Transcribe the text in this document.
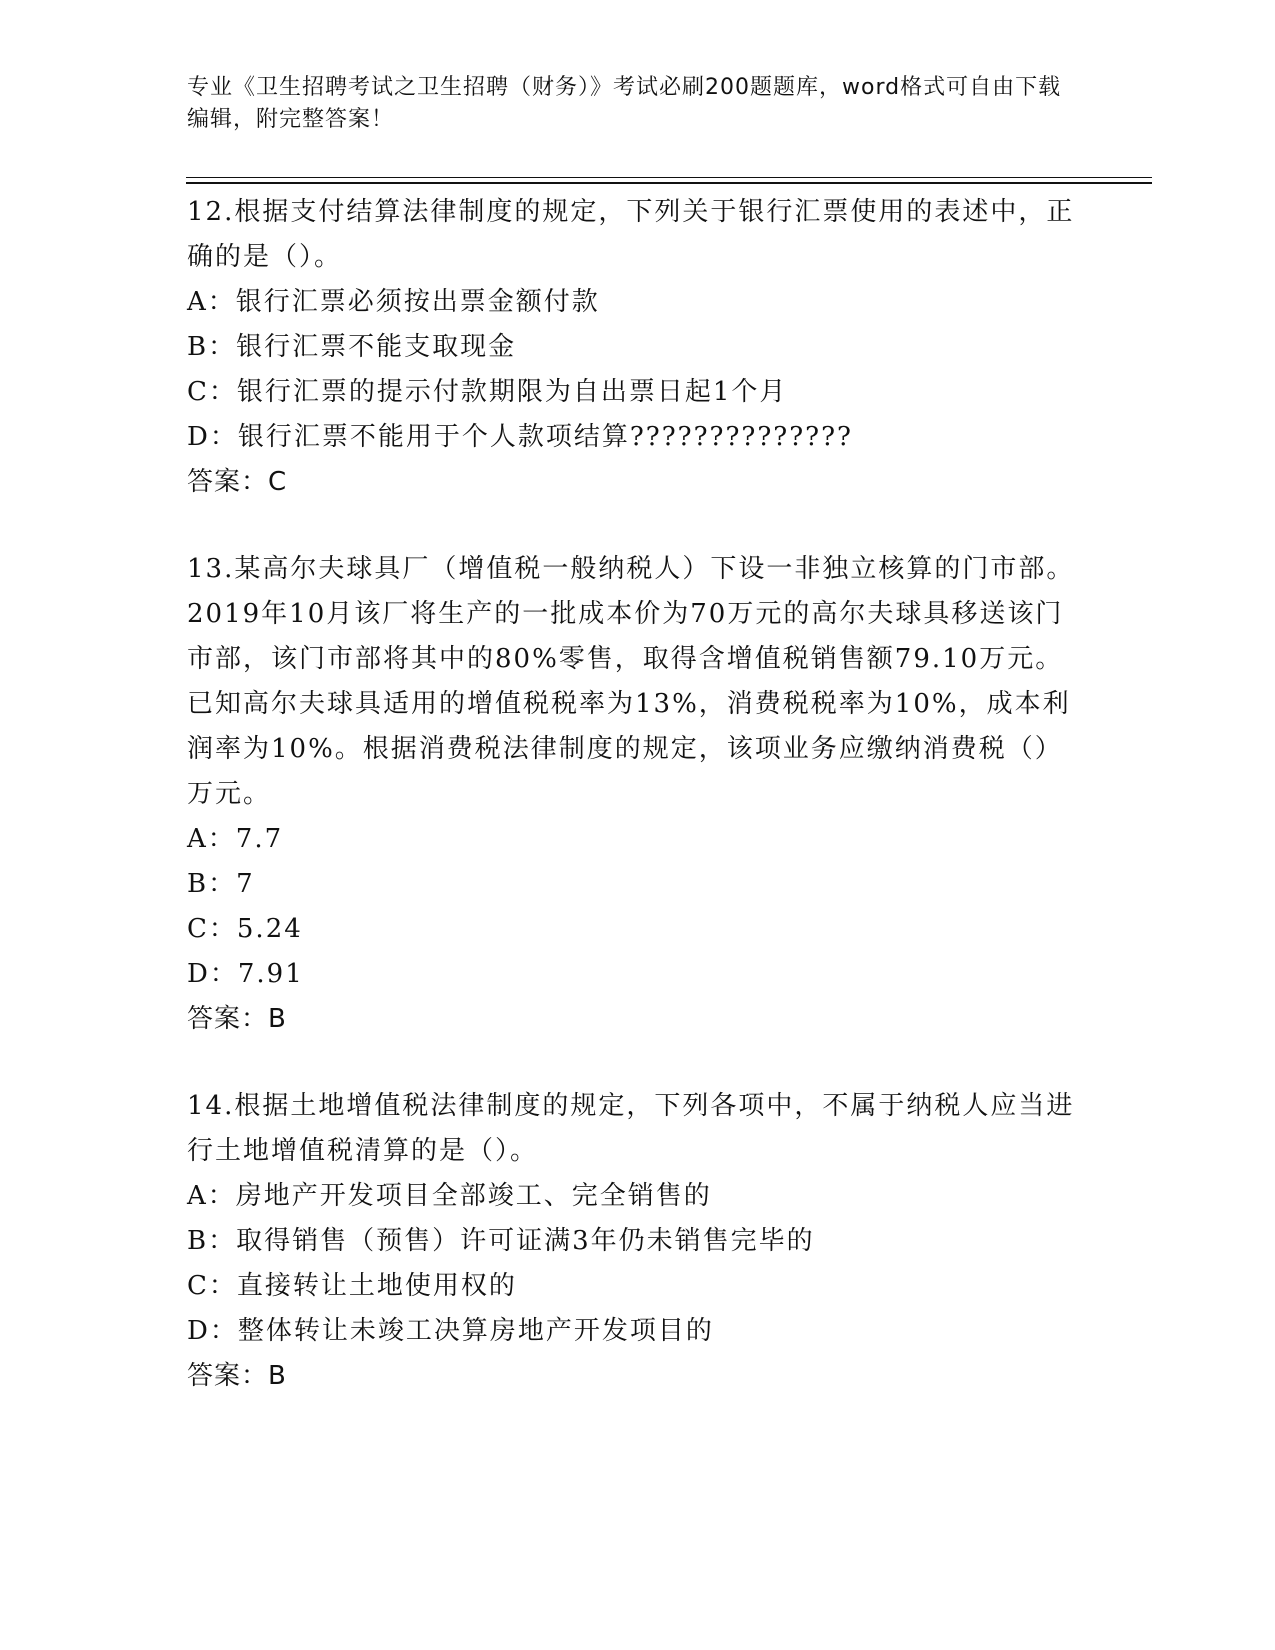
专业《卫生招聘考试之卫生招聘（财务）》考试必刷200题题库，word格式可自由下载编辑，附完整答案！
12.根据支付结算法律制度的规定，下列关于银行汇票使用的表述中，正确的是（）。
A：银行汇票必须按出票金额付款
B：银行汇票不能支取现金
C：银行汇票的提示付款期限为自出票日起1个月
D：银行汇票不能用于个人款项结算??????????????
答案：C
13.某高尔夫球具厂（增值税一般纳税人）下设一非独立核算的门市部。2019年10月该厂将生产的一批成本价为70万元的高尔夫球具移送该门市部，该门市部将其中的80%零售，取得含增值税销售额79.10万元。已知高尔夫球具适用的增值税税率为13%，消费税税率为10%，成本利润率为10%。根据消费税法律制度的规定，该项业务应缴纳消费税（）万元。
A：7.7
B：7
C：5.24
D：7.91
答案：B
14.根据土地增值税法律制度的规定，下列各项中，不属于纳税人应当进行土地增值税清算的是（）。
A：房地产开发项目全部竣工、完全销售的
B：取得销售（预售）许可证满3年仍未销售完毕的
C：直接转让土地使用权的
D：整体转让未竣工决算房地产开发项目的
答案：B
